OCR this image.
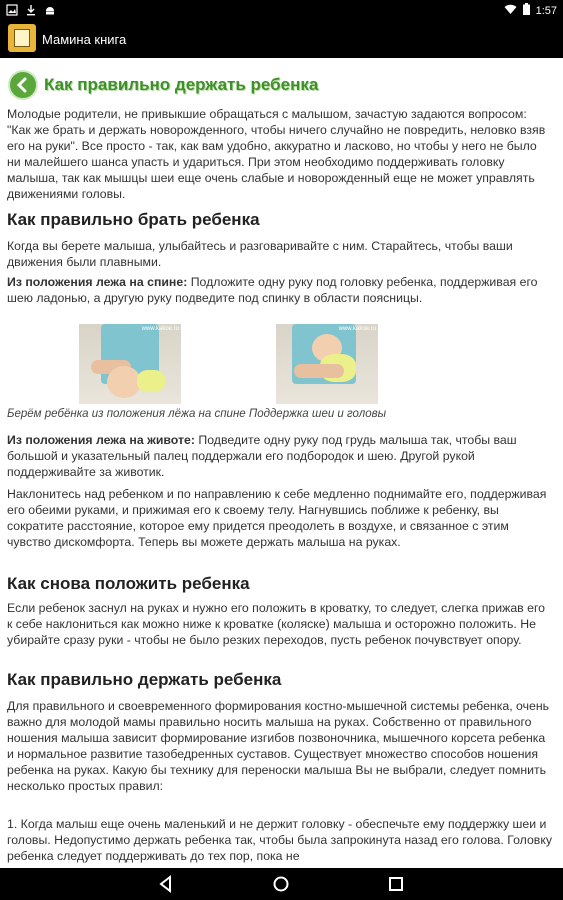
1:57
Мамина книга
Как правильно держать ребенка

Молодые родители, не привыкшие обращаться с малышом, зачастую задаются вопросом: "Как же брать и держать новорожденного, чтобы ничего случайно не повредить, неловко взяв его на руки". Все просто - так, как вам удобно, аккуратно и ласково, но чтобы у него не было ни малейшего шанса упасть и удариться. При этом необходимо поддерживать головку малыша, так как мышцы шеи еще очень слабые и новорожденный еще не может управлять движениями головы.

Как правильно брать ребенка

Когда вы берете малыша, улыбайтесь и разговаривайте с ним. Старайтесь, чтобы ваши движения были плавными.

Из положения лежа на спине: Подложите одну руку под головку ребенка, поддерживая его шею ладонью, а другую руку подведите под спинку в области поясницы.

www.kakoe.ru	www.kakoe.ru
Берём ребёнка из положения лёжа на спине Поддержка шеи и головы

Из положения лежа на животе: Подведите одну руку под грудь малыша так, чтобы ваш большой и указательный палец поддержали его подбородок и шею. Другой рукой поддерживайте за животик.

Наклонитесь над ребенком и по направлению к себе медленно поднимайте его, поддерживая его обеими руками, и прижимая его к своему телу. Нагнувшись поближе к ребенку, вы сократите расстояние, которое ему придется преодолеть в воздухе, и связанное с этим чувство дискомфорта. Теперь вы можете держать малыша на руках.

Как снова положить ребенка

Если ребенок заснул на руках и нужно его положить в кроватку, то следует, слегка прижав его к себе наклониться как можно ниже к кроватке (коляске) малыша и осторожно положить. Не убирайте сразу руки - чтобы не было резких переходов, пусть ребенок почувствует опору.

Как правильно держать ребенка

Для правильного и своевременного формирования костно-мышечной системы ребенка, очень важно для молодой мамы правильно носить малыша на руках. Собственно от правильного ношения малыша зависит формирование изгибов позвоночника, мышечного корсета ребенка и нормальное развитие тазобедренных суставов. Существует множество способов ношения ребенка на руках. Какую бы технику для переноски малыша Вы не выбрали, следует помнить несколько простых правил:

1. Когда малыш еще очень маленький и не держит головку - обеспечьте ему поддержку шеи и головы. Недопустимо держать ребенка так, чтобы была запрокинута назад его голова. Головку ребенка следует поддерживать до тех пор, пока не
